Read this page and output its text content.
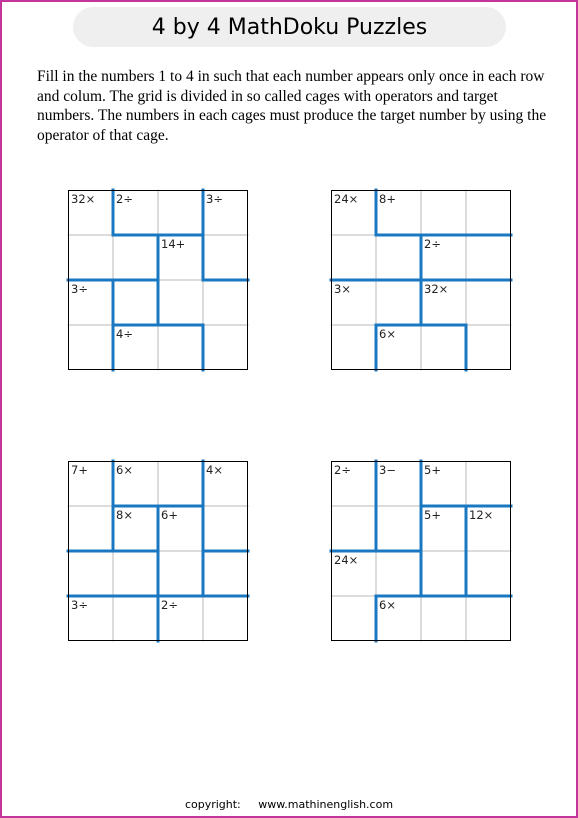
4 by 4 MathDoku Puzzles
Fill in the numbers 1 to 4 in such that each number appears only once in each row and colum. The grid is divided in so called cages with operators and target numbers. The numbers in each cages must produce the target number by using the operator of that cage.
32× 2÷	3÷
14+
3÷
4÷
24× 8+
2÷
3×	32×
6×
7+ 6×	4×
8× 6+
3÷	2÷
2÷ 3− 5+
5+ 12×
24×
6×
copyright: www.mathinenglish.com
